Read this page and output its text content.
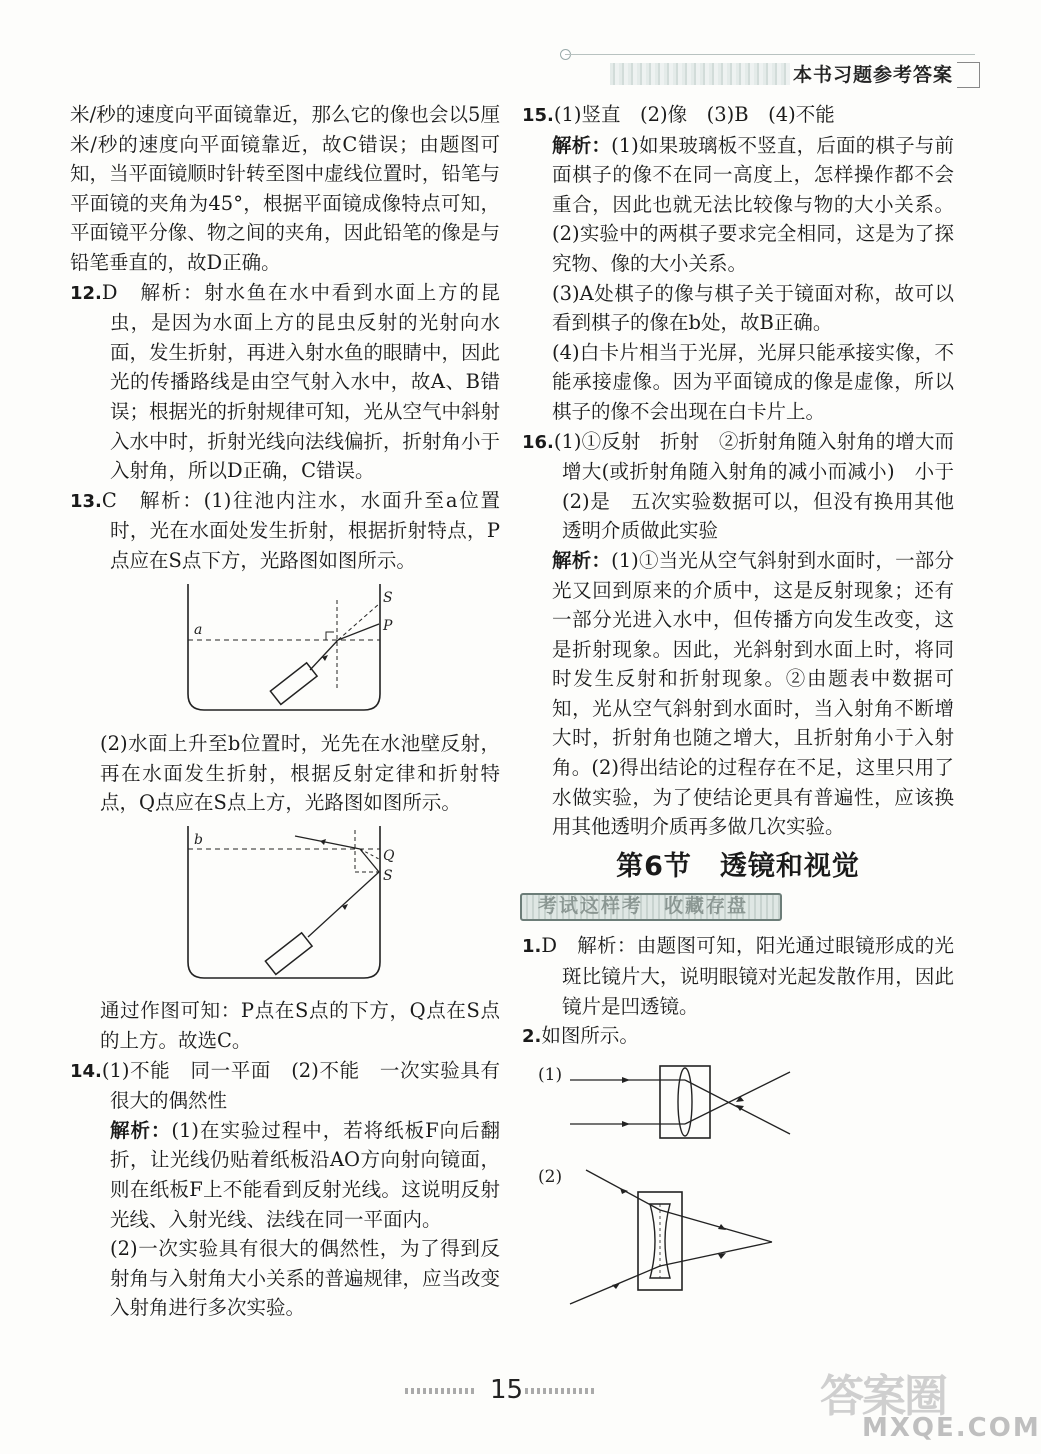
本书习题参考答案

米/秒的速度向平面镜靠近，那么它的像也会以5厘米/秒的速度向平面镜靠近，故C错误；由题图可知，当平面镜顺时针转至图中虚线位置时，铅笔与平面镜的夹角为45°，根据平面镜成像特点可知，平面镜平分像、物之间的夹角，因此铅笔的像是与铅笔垂直的，故D正确。

12.D　解析：射水鱼在水中看到水面上方的昆虫，是因为水面上方的昆虫反射的光射向水面，发生折射，再进入射水鱼的眼睛中，因此光的传播路线是由空气射入水中，故A、B错误；根据光的折射规律可知，光从空气中斜射入水中时，折射光线向法线偏折，折射角小于入射角，所以D正确，C错误。

13.C　解析：(1)往池内注水，水面升至a位置时，光在水面处发生折射，根据折射特点，P点应在S点下方，光路图如图所示。

a
S
P

(2)水面上升至b位置时，光先在水池壁反射，再在水面发生折射，根据反射定律和折射特点，Q点应在S点上方，光路图如图所示。

b
Q
S

通过作图可知：P点在S点的下方，Q点在S点的上方。故选C。

14.(1)不能　同一平面　(2)不能　一次实验具有很大的偶然性

解析：(1)在实验过程中，若将纸板F向后翻折，让光线仍贴着纸板沿AO方向射向镜面，则在纸板F上不能看到反射光线。这说明反射光线、入射光线、法线在同一平面内。

(2)一次实验具有很大的偶然性，为了得到反射角与入射角大小关系的普遍规律，应当改变入射角进行多次实验。

15.(1)竖直　(2)像　(3)B　(4)不能

解析：(1)如果玻璃板不竖直，后面的棋子与前面棋子的像不在同一高度上，怎样操作都不会重合，因此也就无法比较像与物的大小关系。(2)实验中的两棋子要求完全相同，这是为了探究物、像的大小关系。

(3)A处棋子的像与棋子关于镜面对称，故可以看到棋子的像在b处，故B正确。

(4)白卡片相当于光屏，光屏只能承接实像，不能承接虚像。因为平面镜成的像是虚像，所以棋子的像不会出现在白卡片上。

16.(1)①反射　折射　②折射角随入射角的增大而增大(或折射角随入射角的减小而减小)　小于　(2)是　五次实验数据可以，但没有换用其他透明介质做此实验

解析：(1)①当光从空气斜射到水面时，一部分光又回到原来的介质中，这是反射现象；还有一部分光进入水中，但传播方向发生改变，这是折射现象。因此，光斜射到水面上时，将同时发生反射和折射现象。②由题表中数据可知，光从空气斜射到水面时，当入射角不断增大时，折射角也随之增大，且折射角小于入射角。(2)得出结论的过程存在不足，这里只用了水做实验，为了使结论更具有普遍性，应该换用其他透明介质再多做几次实验。

第6节　透镜和视觉
考试这样考　收藏存盘

1.D　解析：由题图可知，阳光通过眼镜形成的光斑比镜片大，说明眼镜对光起发散作用，因此镜片是凹透镜。

2.如图所示。

(1)
(2)
15	答案圈
MXQE.COM
